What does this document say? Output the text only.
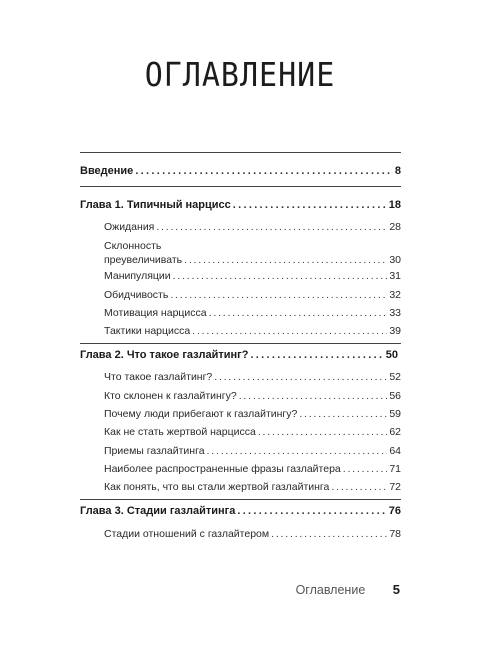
ОГЛАВЛЕНИЕ
Введение .....	8
Глава 1. Типичный нарцисс .....	18
Ожидания .....	28
Склонность
преувеличивать .....	30
Манипуляции .....	31
Обидчивость .....	32
Мотивация нарцисса .....	33
Тактики нарцисса .....	39
Глава 2. Что такое газлайтинг? .....	50
Что такое газлайтинг? .....	52
Кто склонен к газлайтингу? .....	56
Почему люди прибегают к газлайтингу? .....	59
Как не стать жертвой нарцисса .....	62
Приемы газлайтинга .....	64
Наиболее распространенные фразы газлайтера .....	71
Как понять, что вы стали жертвой газлайтинга .....	72
Глава 3. Стадии газлайтинга .....	76
Стадии отношений с газлайтером .....	78
Оглавление 5
